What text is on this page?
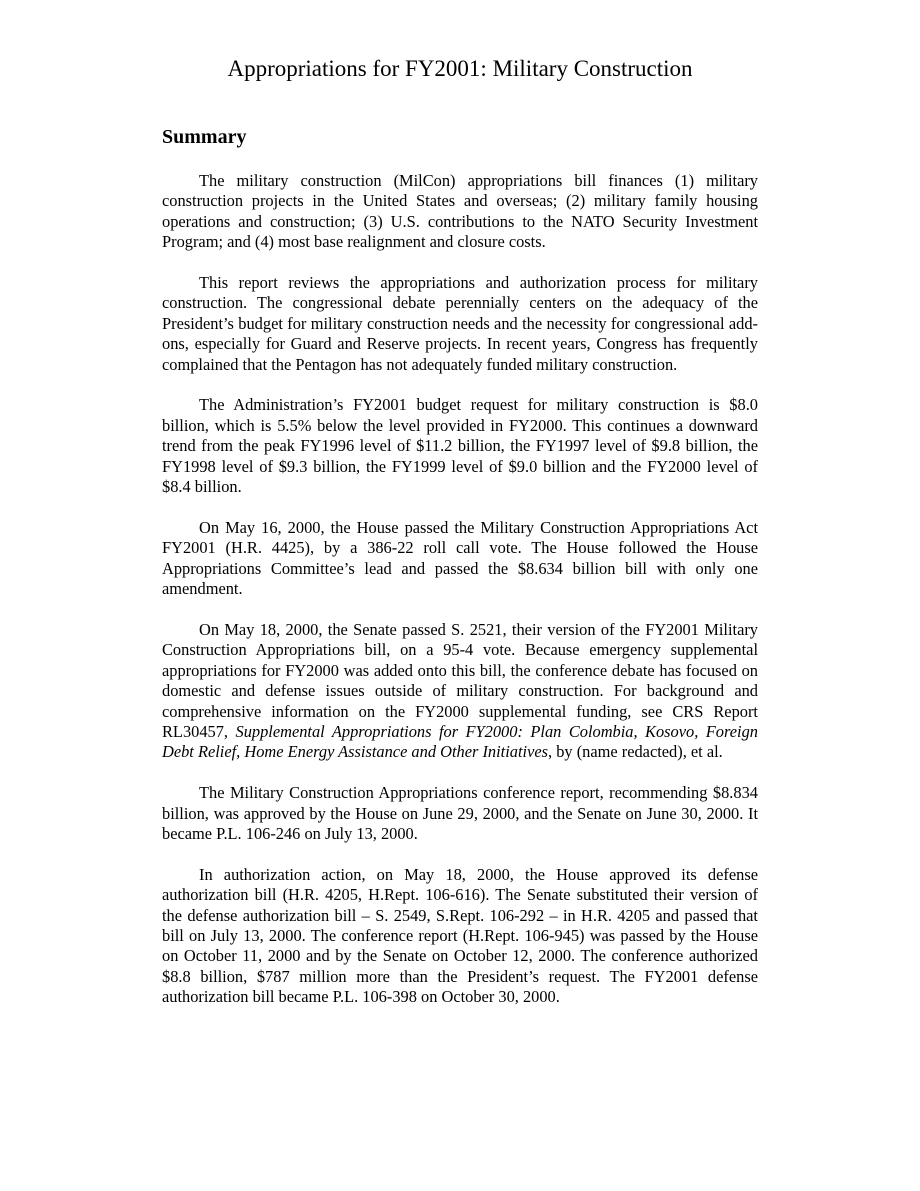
Appropriations for FY2001: Military Construction
Summary

The military construction (MilCon) appropriations bill finances (1) military construction projects in the United States and overseas; (2) military family housing operations and construction; (3) U.S. contributions to the NATO Security Investment Program; and (4) most base realignment and closure costs.

This report reviews the appropriations and authorization process for military construction. The congressional debate perennially centers on the adequacy of the President’s budget for military construction needs and the necessity for congressional add-ons, especially for Guard and Reserve projects. In recent years, Congress has frequently complained that the Pentagon has not adequately funded military construction.

The Administration’s FY2001 budget request for military construction is $8.0 billion, which is 5.5% below the level provided in FY2000. This continues a downward trend from the peak FY1996 level of $11.2 billion, the FY1997 level of $9.8 billion, the FY1998 level of $9.3 billion, the FY1999 level of $9.0 billion and the FY2000 level of $8.4 billion.

On May 16, 2000, the House passed the Military Construction Appropriations Act FY2001 (H.R. 4425), by a 386-22 roll call vote. The House followed the House Appropriations Committee’s lead and passed the $8.634 billion bill with only one amendment.

On May 18, 2000, the Senate passed S. 2521, their version of the FY2001 Military Construction Appropriations bill, on a 95-4 vote. Because emergency supplemental appropriations for FY2000 was added onto this bill, the conference debate has focused on domestic and defense issues outside of military construction. For background and comprehensive information on the FY2000 supplemental funding, see CRS Report RL30457, Supplemental Appropriations for FY2000: Plan Colombia, Kosovo, Foreign Debt Relief, Home Energy Assistance and Other Initiatives, by (name redacted), et al.

The Military Construction Appropriations conference report, recommending $8.834 billion, was approved by the House on June 29, 2000, and the Senate on June 30, 2000. It became P.L. 106-246 on July 13, 2000.

In authorization action, on May 18, 2000, the House approved its defense authorization bill (H.R. 4205, H.Rept. 106-616). The Senate substituted their version of the defense authorization bill – S. 2549, S.Rept. 106-292 – in H.R. 4205 and passed that bill on July 13, 2000. The conference report (H.Rept. 106-945) was passed by the House on October 11, 2000 and by the Senate on October 12, 2000. The conference authorized $8.8 billion, $787 million more than the President’s request. The FY2001 defense authorization bill became P.L. 106-398 on October 30, 2000.
